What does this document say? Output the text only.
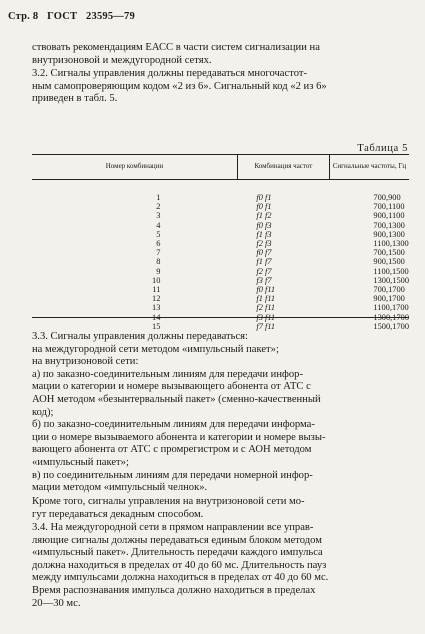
Стр. 8 ГОСТ 23595—79
ствовать рекомендациям ЕАСС в части систем сигнализации на
внутризоновой и междугородной сетях.
3.2. Сигналы управления должны передаваться многочастот-
ным самопроверяющим кодом «2 из 6». Сигнальный код «2 из 6»
приведен в табл. 5.
3.3. Сигналы управления должны передаваться:
на междугородной сети методом «импульсный пакет»;
на внутризоновой сети:
а) по заказно-соединительным линиям для передачи инфор-
мации о категории и номере вызывающего абонента от АТС с
АОН методом «безынтервальный пакет» (сменно-качественный
код);
б) по заказно-соединительным линиям для передачи информа-
ции о номере вызываемого абонента и категории и номере вызы-
вающего абонента от АТС с промрегистром и с АОН методом
«импульсный пакет»;
в) по соединительным линиям для передачи номерной инфор-
мации методом «импульсный челнок».
Кроме того, сигналы управления на внутризоновой сети мо-
гут передаваться декадным способом.
3.4. На междугородной сети в прямом направлении все управ-
ляющие сигналы должны передаваться единым блоком методом
«импульсный пакет». Длительность передачи каждого импульса
должна находиться в пределах от 40 до 60 мс. Длительность пауз
между импульсами должна находиться в пределах от 40 до 60 мс.
Время распознавания импульса должно находиться в пределах
20—30 мс.
Таблица 5
Номер комбинации	Комбинация частот	Сигнальные частоты, Гц
1	f0 f1	700,900
2	f0 f1	700,1100
3	f1 f2	900,1100
4	f0 f3	700,1300
5	f1 f3	900,1300
6	f2 f3	1100,1300
7	f0 f7	700,1500
8	f1 f7	900,1500
9	f2 f7	1100,1500
10	f3 f7	1300,1500
11	f0 f11	700,1700
12	f1 f11	900,1700
13	f2 f11	1100,1700
14	f3 f11	1300,1700
15	f7 f11	1500,1700
